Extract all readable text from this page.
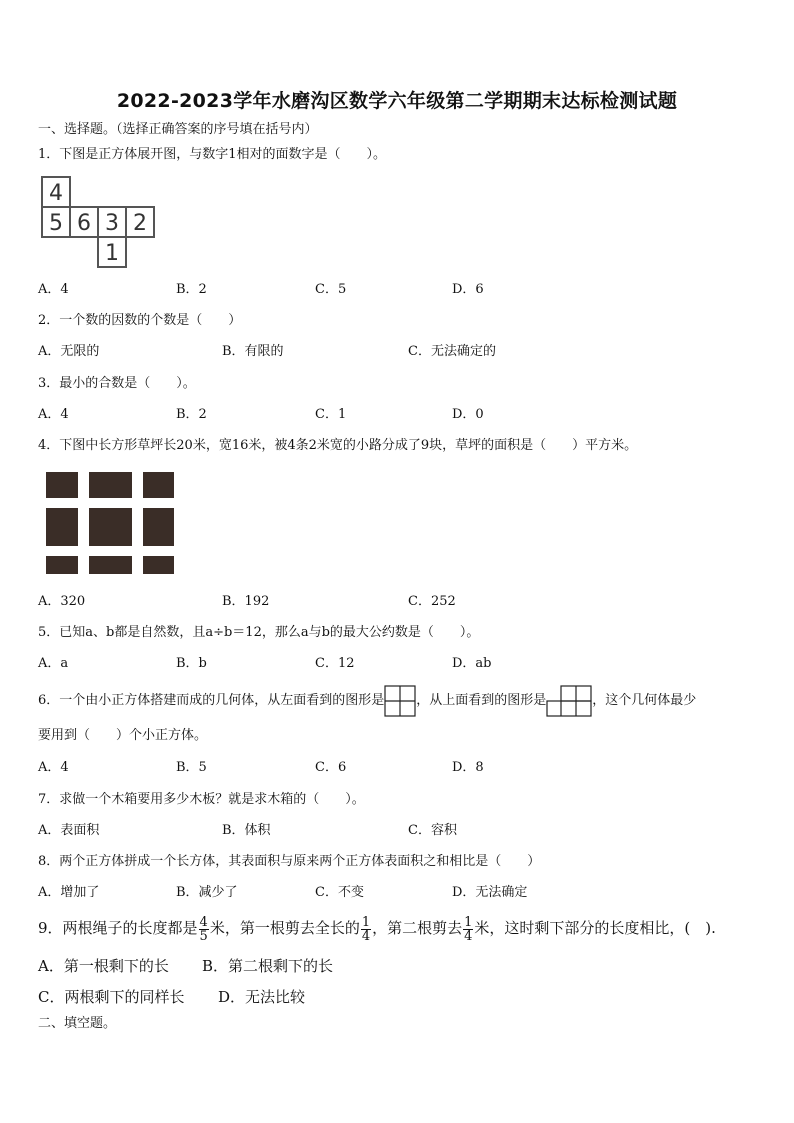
2022-2023学年水磨沟区数学六年级第二学期期末达标检测试题
一、选择题。（选择正确答案的序号填在括号内）
1．下图是正方体展开图，与数字1相对的面数字是（　　）。
4
5 6 3 2
1
A．4	B．2	C．5	D．6
2．一个数的因数的个数是（　　）
A．无限的	B．有限的	C．无法确定的
3．最小的合数是（　　）。
A．4	B．2	C．1	D．0
4．下图中长方形草坪长20米，宽16米，被4条2米宽的小路分成了9块，草坪的面积是（　　）平方米。
A．320	B．192	C．252
5．已知a、b都是自然数，且a÷b＝12，那么a与b的最大公约数是（　　）。
A．a	B．b	C．12	D．ab
6．一个由小正方体搭建而成的几何体，从左面看到的图形是 ，从上面看到的图形是	，这个几何体最少
要用到（　　）个小正方体。
A．4	B．5	C．6	D．8
7．求做一个木箱要用多少木板？就是求木箱的（　　）。
A．表面积	B．体积	C．容积
8．两个正方体拼成一个长方体，其表面积与原来两个正方体表面积之和相比是（　　）
A．增加了	B．减少了	C．不变	D．无法确定
9．两根绳子的长度都是 $\frac{4}{5}$ 米，第一根剪去全长的 $\frac{1}{4}$ ，第二根剪去 $\frac{1}{4}$ 米，这时剩下部分的长度相比，(　).
A．第一根剩下的长 B．第二根剩下的长
C．两根剩下的同样长 D．无法比较
二、填空题。
